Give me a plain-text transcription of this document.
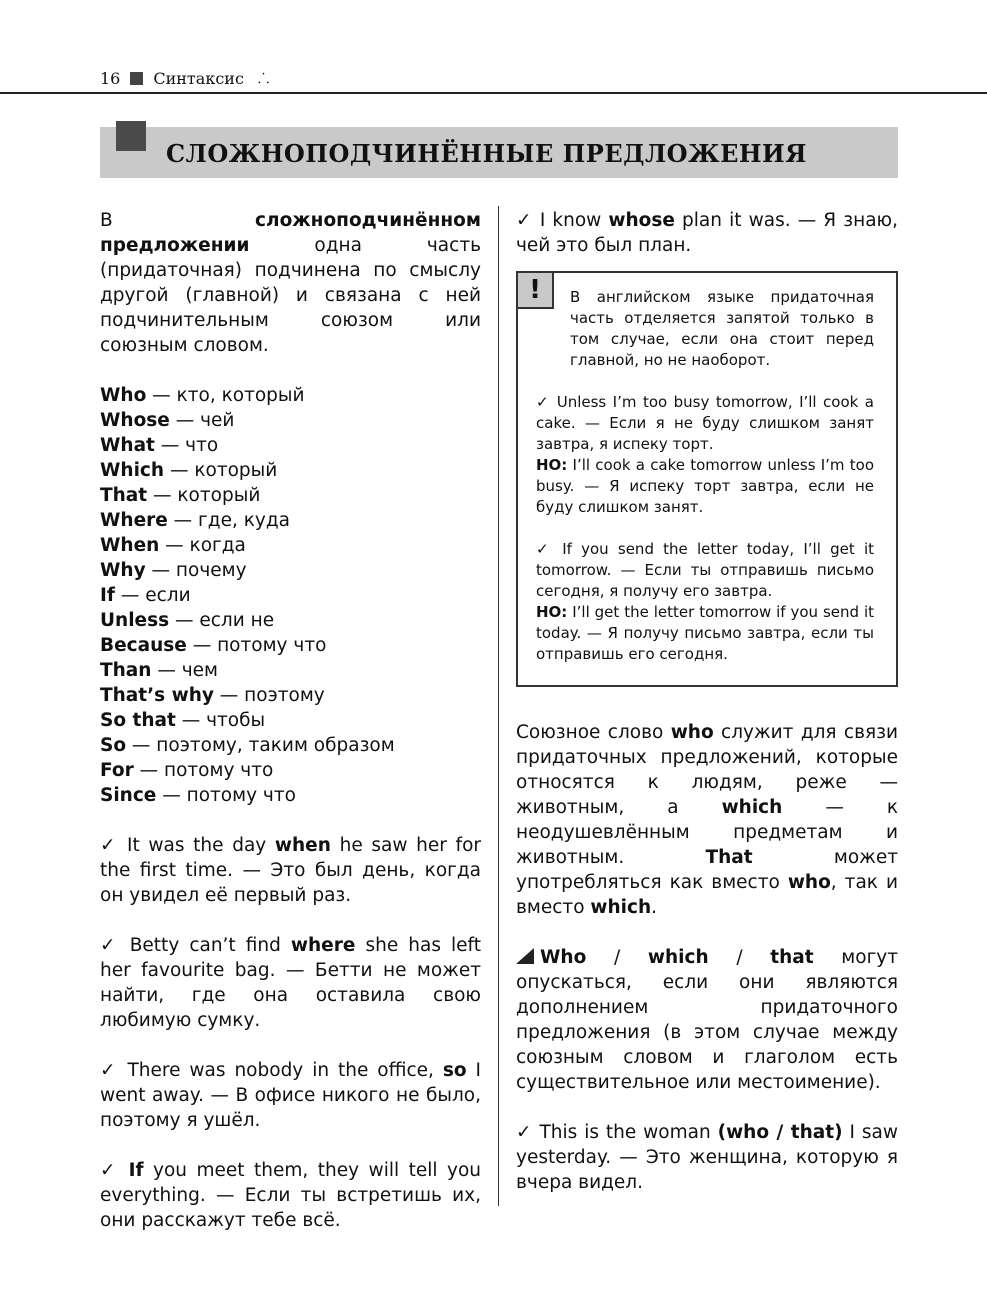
16 Синтаксис ⸫
СЛОЖНОПОДЧИНЁННЫЕ ПРЕДЛОЖЕНИЯ

В сложноподчинённом предложении одна часть (придаточная) подчинена по смыслу другой (главной) и связана с ней подчинительным союзом или союзным словом.

Who — кто, который
Whose — чей
What — что
Which — который
That — который
Where — где, куда
When — когда
Why — почему
If — если
Unless — если не
Because — потому что
Than — чем
That’s why — поэтому
So that — чтобы
So — поэтому, таким образом
For — потому что
Since — потому что

✓ It was the day when he saw her for the first time. — Это был день, когда он увидел её первый раз.

✓ Betty can’t find where she has left her favourite bag. — Бетти не может найти, где она оставила свою любимую сумку.

✓ There was nobody in the office, so I went away. — В офисе никого не было, поэтому я ушёл.

✓ If you meet them, they will tell you everything. — Если ты встретишь их, они расскажут тебе всё.

✓ I know whose plan it was. — Я знаю, чей это был план.

!	В английском языке придаточная часть отделяется запятой только в том случае, если она стоит перед главной, но не наоборот.

✓ Unless I’m too busy tomorrow, I’ll cook a cake. — Если я не буду слишком занят завтра, я испеку торт.
НО: I’ll cook a cake tomorrow unless I’m too busy. — Я испеку торт завтра, если не буду слишком занят.

✓ If you send the letter today, I’ll get it tomorrow. — Если ты отправишь письмо сегодня, я получу его завтра.
НО: I’ll get the letter tomorrow if you send it today. — Я получу письмо завтра, если ты отправишь его сегодня.

Союзное слово who служит для связи придаточных предложений, которые относятся к людям, реже — животным, а which — к неодушевлённым предметам и животным. That может употребляться как вместо who, так и вместо which.

Who / which / that могут опускаться, если они являются дополнением придаточного предложения (в этом случае между союзным словом и глаголом есть существительное или местоимение).

✓ This is the woman (who / that) I saw yesterday. — Это женщина, которую я вчера видел.
